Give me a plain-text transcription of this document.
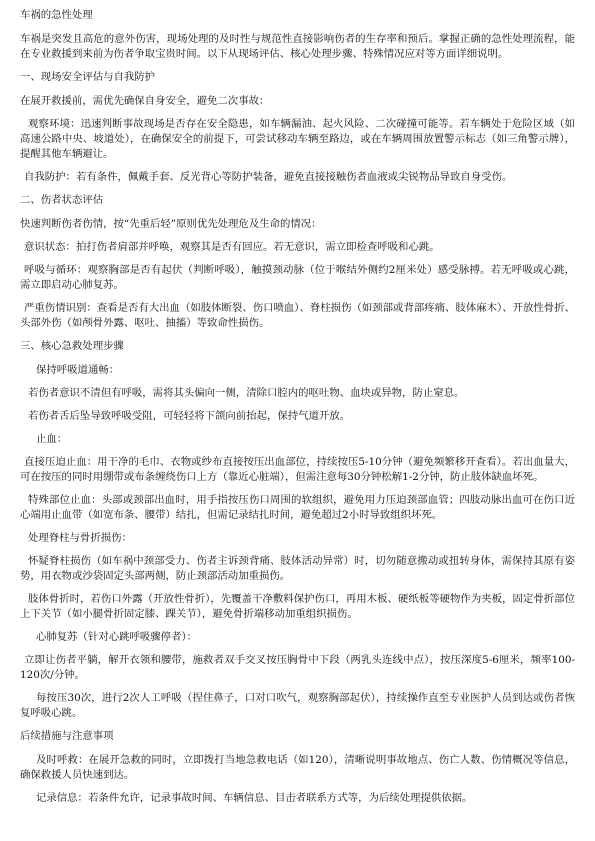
车祸的急性处理

车祸是突发且高危的意外伤害，现场处理的及时性与规范性直接影响伤者的生存率和预后。掌握正确的急性处理流程，能在专业救援到来前为伤者争取宝贵时间。以下从现场评估、核心处理步骤、特殊情况应对等方面详细说明。

一、现场安全评估与自我防护

在展开救援前，需优先确保自身安全，避免二次事故：

观察环境：迅速判断事故现场是否存在安全隐患，如车辆漏油、起火风险、二次碰撞可能等。若车辆处于危险区域（如高速公路中央、坡道处），在确保安全的前提下，可尝试移动车辆至路边，或在车辆周围放置警示标志（如三角警示牌），提醒其他车辆避让。

自我防护：若有条件，佩戴手套、反光背心等防护装备，避免直接接触伤者血液或尖锐物品导致自身受伤。

二、伤者状态评估

快速判断伤者伤情，按“先重后轻”原则优先处理危及生命的情况：

意识状态：拍打伤者肩部并呼唤，观察其是否有回应。若无意识，需立即检查呼吸和心跳。

呼吸与循环：观察胸部是否有起伏（判断呼吸），触摸颈动脉（位于喉结外侧约2厘米处）感受脉搏。若无呼吸或心跳，需立即启动心肺复苏。

严重伤情识别：查看是否有大出血（如肢体断裂、伤口喷血）、脊柱损伤（如颈部或背部疼痛、肢体麻木）、开放性骨折、头部外伤（如颅骨外露、呕吐、抽搐）等致命性损伤。

三、核心急救处理步骤

保持呼吸道通畅：

若伤者意识不清但有呼吸，需将其头偏向一侧，清除口腔内的呕吐物、血块或异物，防止窒息。

若伤者舌后坠导致呼吸受阻，可轻轻将下颌向前抬起，保持气道开放。

止血：

直接压迫止血：用干净的毛巾、衣物或纱布直接按压出血部位，持续按压5-10分钟（避免频繁移开查看）。若出血量大，可在按压的同时用绷带或布条缠绕伤口上方（靠近心脏端），但需注意每30分钟松解1-2分钟，防止肢体缺血坏死。

特殊部位止血：头部或颈部出血时，用手指按压伤口周围的软组织，避免用力压迫颈部血管；四肢动脉出血可在伤口近心端用止血带（如宽布条、腰带）结扎，但需记录结扎时间，避免超过2小时导致组织坏死。

处理脊柱与骨折损伤：

怀疑脊柱损伤（如车祸中颈部受力、伤者主诉颈背痛、肢体活动异常）时，切勿随意搬动或扭转身体，需保持其原有姿势，用衣物或沙袋固定头部两侧，防止颈部活动加重损伤。

肢体骨折时，若伤口外露（开放性骨折），先覆盖干净敷料保护伤口，再用木板、硬纸板等硬物作为夹板，固定骨折部位上下关节（如小腿骨折固定膝、踝关节），避免骨折端移动加重组织损伤。

心肺复苏（针对心跳呼吸骤停者）：

立即让伤者平躺，解开衣领和腰带，施救者双手交叉按压胸骨中下段（两乳头连线中点），按压深度5-6厘米，频率100-120次/分钟。

每按压30次，进行2次人工呼吸（捏住鼻子，口对口吹气，观察胸部起伏），持续操作直至专业医护人员到达或伤者恢复呼吸心跳。

后续措施与注意事项

及时呼救：在展开急救的同时，立即拨打当地急救电话（如120），清晰说明事故地点、伤亡人数、伤情概况等信息，确保救援人员快速到达。

记录信息：若条件允许，记录事故时间、车辆信息、目击者联系方式等，为后续处理提供依据。
